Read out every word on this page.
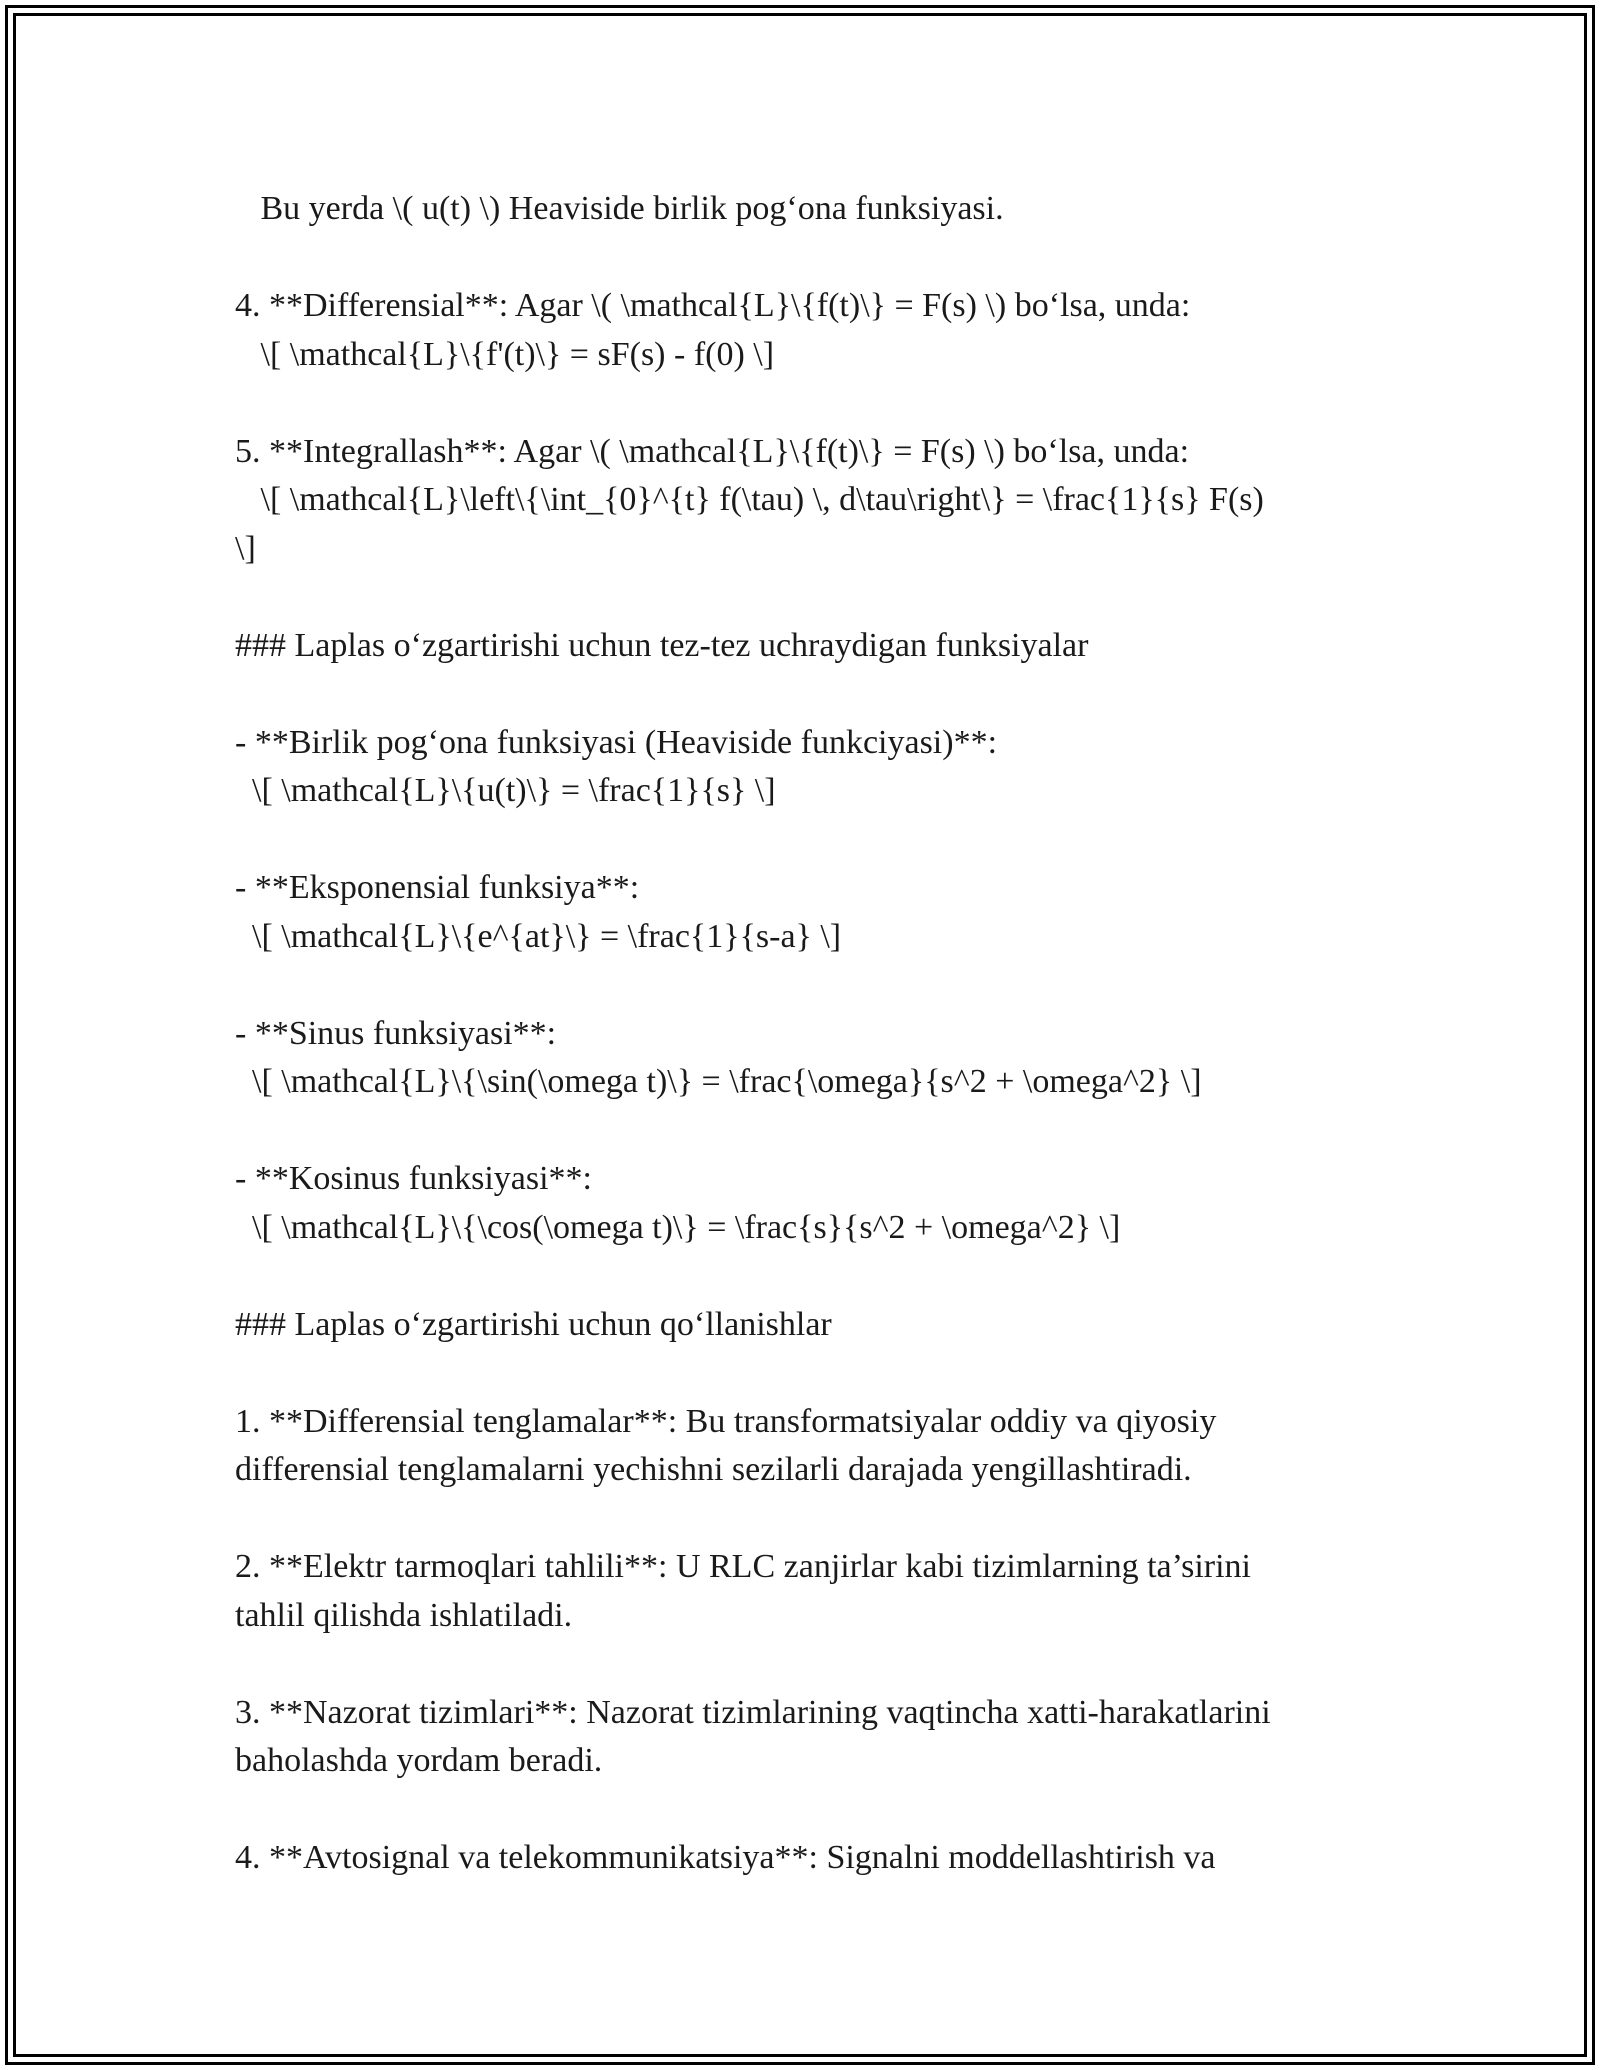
Bu yerda \( u(t) \) Heaviside birlik pog‘ona funksiyasi.
4. **Differensial**: Agar \( \mathcal{L}\{f(t)\} = F(s) \) bo‘lsa, unda:
\[ \mathcal{L}\{f'(t)\} = sF(s) - f(0) \]
5. **Integrallash**: Agar \( \mathcal{L}\{f(t)\} = F(s) \) bo‘lsa, unda:
\[ \mathcal{L}\left\{\int_{0}^{t} f(\tau) \, d\tau\right\} = \frac{1}{s} F(s)
\]
### Laplas o‘zgartirishi uchun tez-tez uchraydigan funksiyalar
- **Birlik pog‘ona funksiyasi (Heaviside funkciyasi)**:
\[ \mathcal{L}\{u(t)\} = \frac{1}{s} \]
- **Eksponensial funksiya**:
\[ \mathcal{L}\{e^{at}\} = \frac{1}{s-a} \]
- **Sinus funksiyasi**:
\[ \mathcal{L}\{\sin(\omega t)\} = \frac{\omega}{s^2 + \omega^2} \]
- **Kosinus funksiyasi**:
\[ \mathcal{L}\{\cos(\omega t)\} = \frac{s}{s^2 + \omega^2} \]
### Laplas o‘zgartirishi uchun qo‘llanishlar
1. **Differensial tenglamalar**: Bu transformatsiyalar oddiy va qiyosiy
differensial tenglamalarni yechishni sezilarli darajada yengillashtiradi.
2. **Elektr tarmoqlari tahlili**: U RLC zanjirlar kabi tizimlarning ta’sirini
tahlil qilishda ishlatiladi.
3. **Nazorat tizimlari**: Nazorat tizimlarining vaqtincha xatti-harakatlarini
baholashda yordam beradi.
4. **Avtosignal va telekommunikatsiya**: Signalni moddellashtirish va
